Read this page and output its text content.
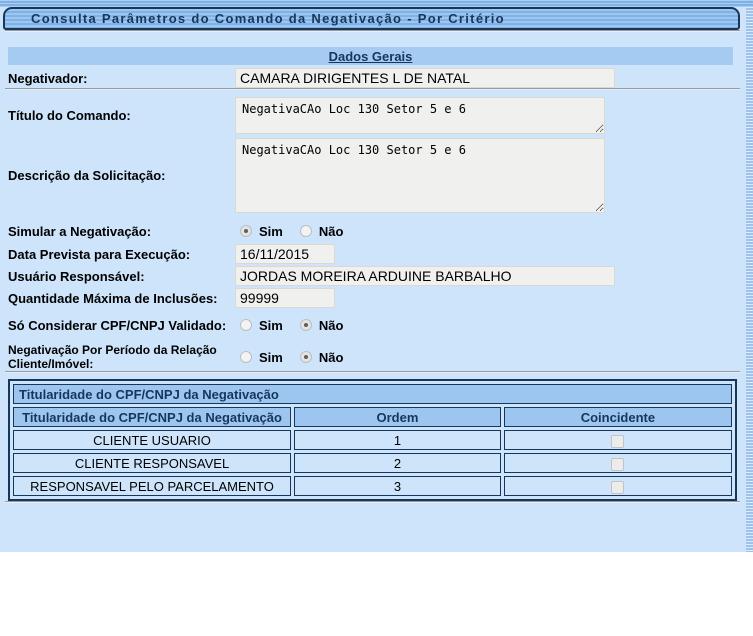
Consulta Parâmetros do Comando da Negativação - Por Critério
Dados Gerais
Negativador:
CAMARA DIRIGENTES L DE NATAL
Título do Comando:
NegativaCAo Loc 130 Setor 5 e 6
Descrição da Solicitação:
NegativaCAo Loc 130 Setor 5 e 6
Simular a Negativação:	Sim	Não
Data Prevista para Execução:
16/11/2015
Usuário Responsável:
JORDAS MOREIRA ARDUINE BARBALHO
Quantidade Máxima de Inclusões:
99999
Só Considerar CPF/CNPJ Validado:	Sim	Não
Negativação Por Período da Relação Cliente/Imóvel:	Sim	Não
Titularidade do CPF/CNPJ da Negativação		
Titularidade do CPF/CNPJ da Negativação	Ordem	Coincidente
CLIENTE USUARIO	1	
CLIENTE RESPONSAVEL	2	
RESPONSAVEL PELO PARCELAMENTO	3	
